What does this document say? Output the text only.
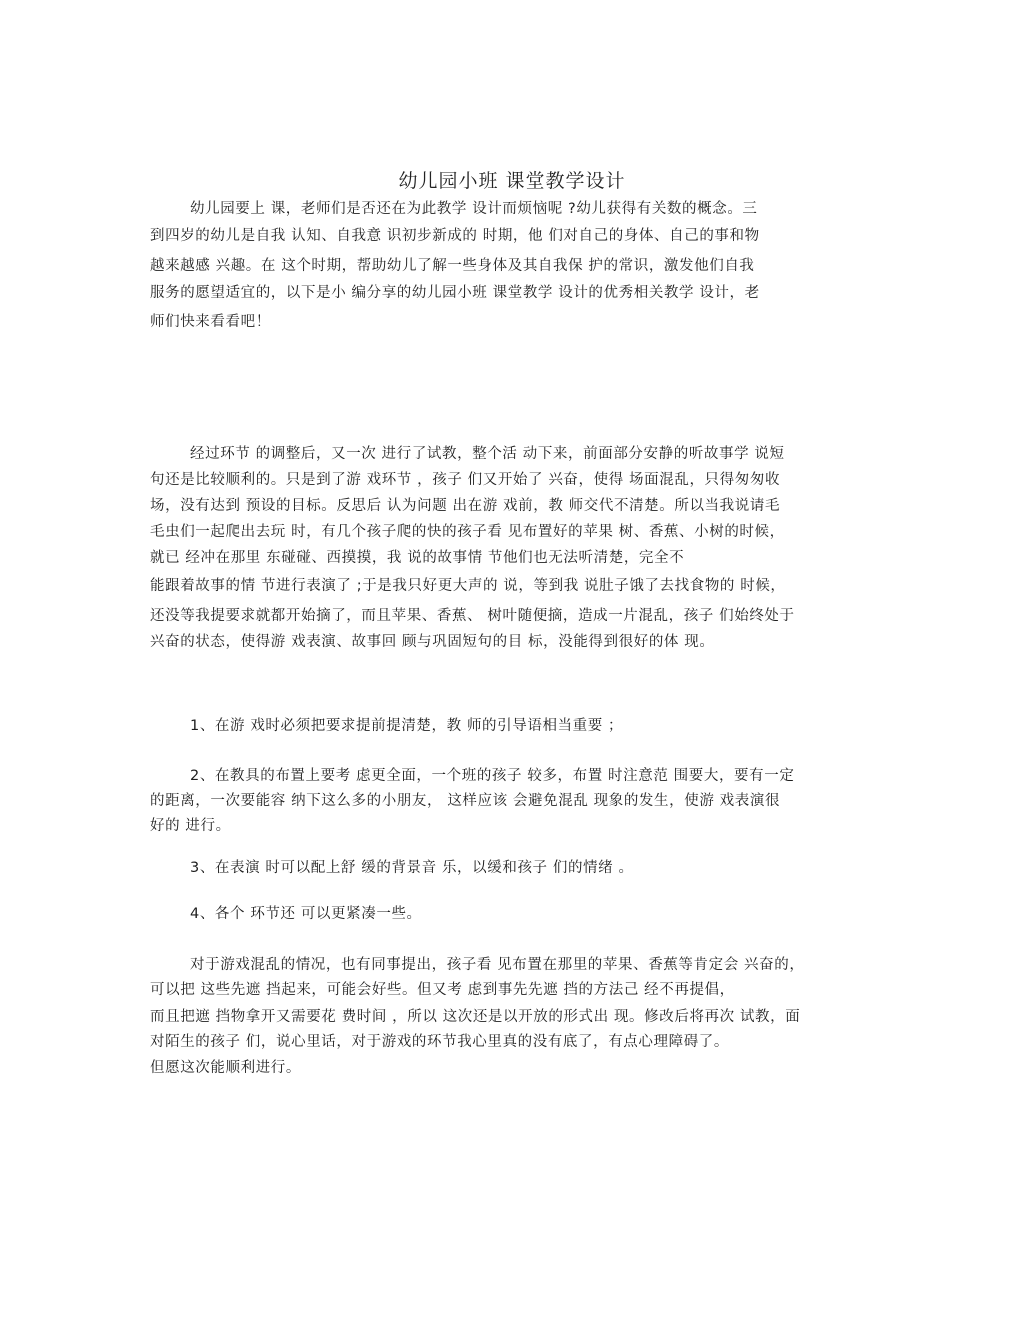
幼儿园小班 课堂教学设计
幼儿园要上 课，老师们是否还在为此教学 设计而烦恼呢 ?幼儿获得有关数的概念。三
到四岁的幼儿是自我 认知、自我意 识初步新成的 时期，他 们对自己的身体、自己的事和物
越来越感 兴趣。在 这个时期，帮助幼儿了解一些身体及其自我保 护的常识，激发他们自我
服务的愿望适宜的，以下是小 编分享的幼儿园小班 课堂教学 设计的优秀相关教学 设计，老
师们快来看看吧！
经过环节 的调整后，又一次 进行了试教，整个活 动下来，前面部分安静的听故事学 说短
句还是比较顺利的。只是到了游 戏环节 ，孩子 们又开始了 兴奋，使得 场面混乱，只得匆匆收
场，没有达到 预设的目标。反思后 认为问题 出在游 戏前，教 师交代不清楚。所以当我说请毛
毛虫们一起爬出去玩 时，有几个孩子爬的快的孩子看 见布置好的苹果 树、香蕉、小树的时候，
就已 经冲在那里 东碰碰、西摸摸，我 说的故事情 节他们也无法听清楚，完全不
能跟着故事的情 节进行表演了 ;于是我只好更大声的 说，等到我 说肚子饿了去找食物的 时候，
还没等我提要求就都开始摘了，而且苹果、香蕉、 树叶随便摘，造成一片混乱，孩子 们始终处于
兴奋的状态，使得游 戏表演、故事回 顾与巩固短句的目 标，没能得到很好的体 现。
1、在游 戏时必须把要求提前提清楚，教 师的引导语相当重要 ；
2、在教具的布置上要考 虑更全面，一个班的孩子 较多，布置 时注意范 围要大，要有一定
的距离，一次要能容 纳下这么多的小朋友， 这样应该 会避免混乱 现象的发生，使游 戏表演很
好的 进行。
3、在表演 时可以配上舒 缓的背景音 乐，以缓和孩子 们的情绪 。
4、各个 环节还 可以更紧凑一些。
对于游戏混乱的情况，也有同事提出，孩子看 见布置在那里的苹果、香蕉等肯定会 兴奋的，
可以把 这些先遮 挡起来，可能会好些。但又考 虑到事先先遮 挡的方法己 经不再提倡，
而且把遮 挡物拿开又需要花 费时间 ，所以 这次还是以开放的形式出 现。修改后将再次 试教，面
对陌生的孩子 们，说心里话，对于游戏的环节我心里真的没有底了，有点心理障碍了。
但愿这次能顺利进行。
